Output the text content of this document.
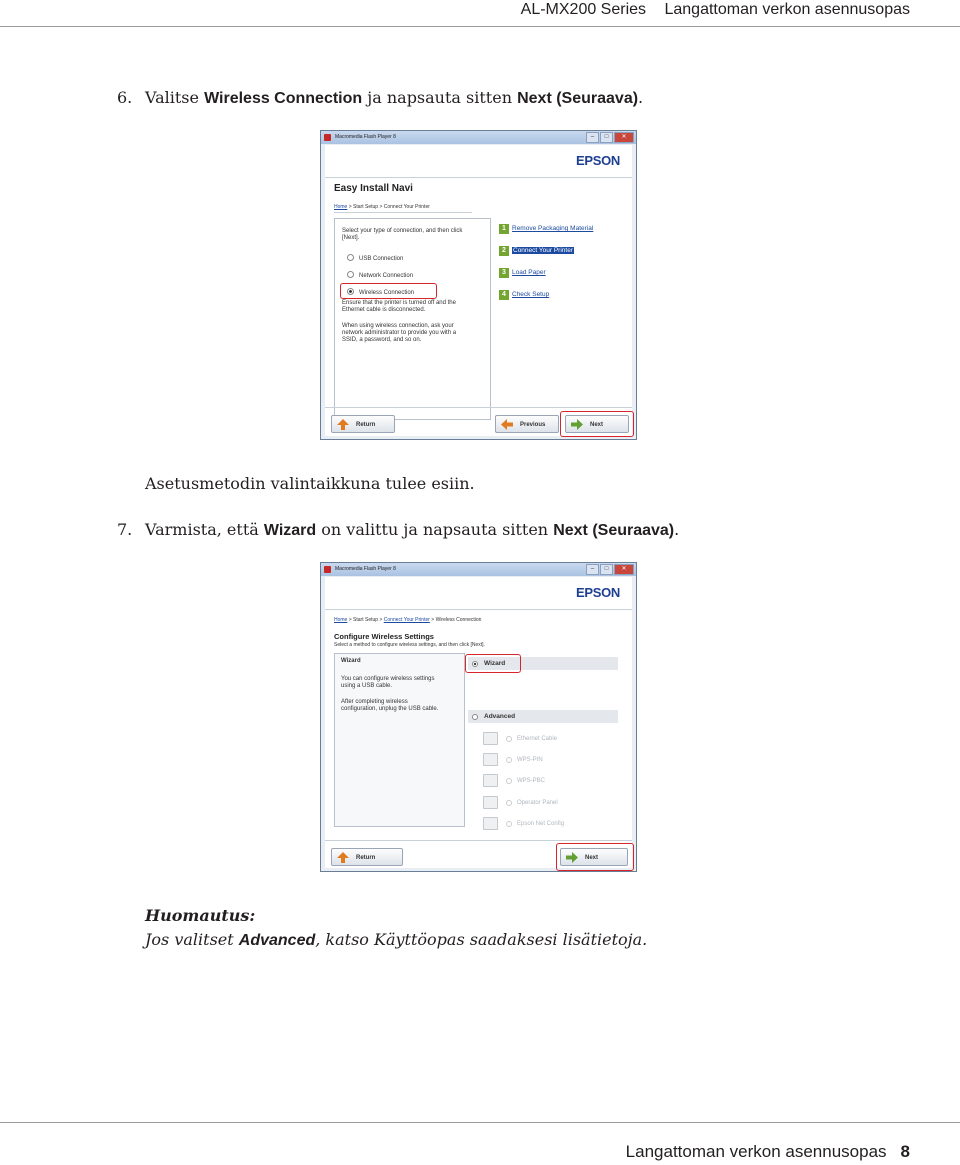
AL-MX200 Series Langattoman verkon asennusopas
6. Valitse Wireless Connection ja napsauta sitten Next (Seuraava).
Macromedia Flash Player 8	–	□	✕
EPSON
Easy Install Navi
Home > Start Setup > Connect Your Printer
Select your type of connection, and then click
[Next].
USB Connection
Network Connection
Wireless Connection
Ensure that the printer is turned off and the
Ethernet cable is disconnected.
When using wireless connection, ask your
network administrator to provide you with a
SSID, a password, and so on.
1 Remove Packaging Material
2	Connect Your Printer
3 Load Paper
4 Check Setup
Return	Previous	Next
Asetusmetodin valintaikkuna tulee esiin.
7. Varmista, että Wizard on valittu ja napsauta sitten Next (Seuraava).
Macromedia Flash Player 8	–	□	✕
EPSON
Home > Start Setup > Connect Your Printer > Wireless Connection
Configure Wireless Settings
Select a method to configure wireless settings, and then click [Next].
Wizard
You can configure wireless settings
using a USB cable.
After completing wireless
configuration, unplug the USB cable.
Wizard
Advanced
Ethernet Cable
WPS-PIN
WPS-PBC
Operator Panel
Epson Net Config
Return	Next
Huomautus:
Jos valitset Advanced, katso Käyttöopas saadaksesi lisätietoja.
Langattoman verkon asennusopas 8
